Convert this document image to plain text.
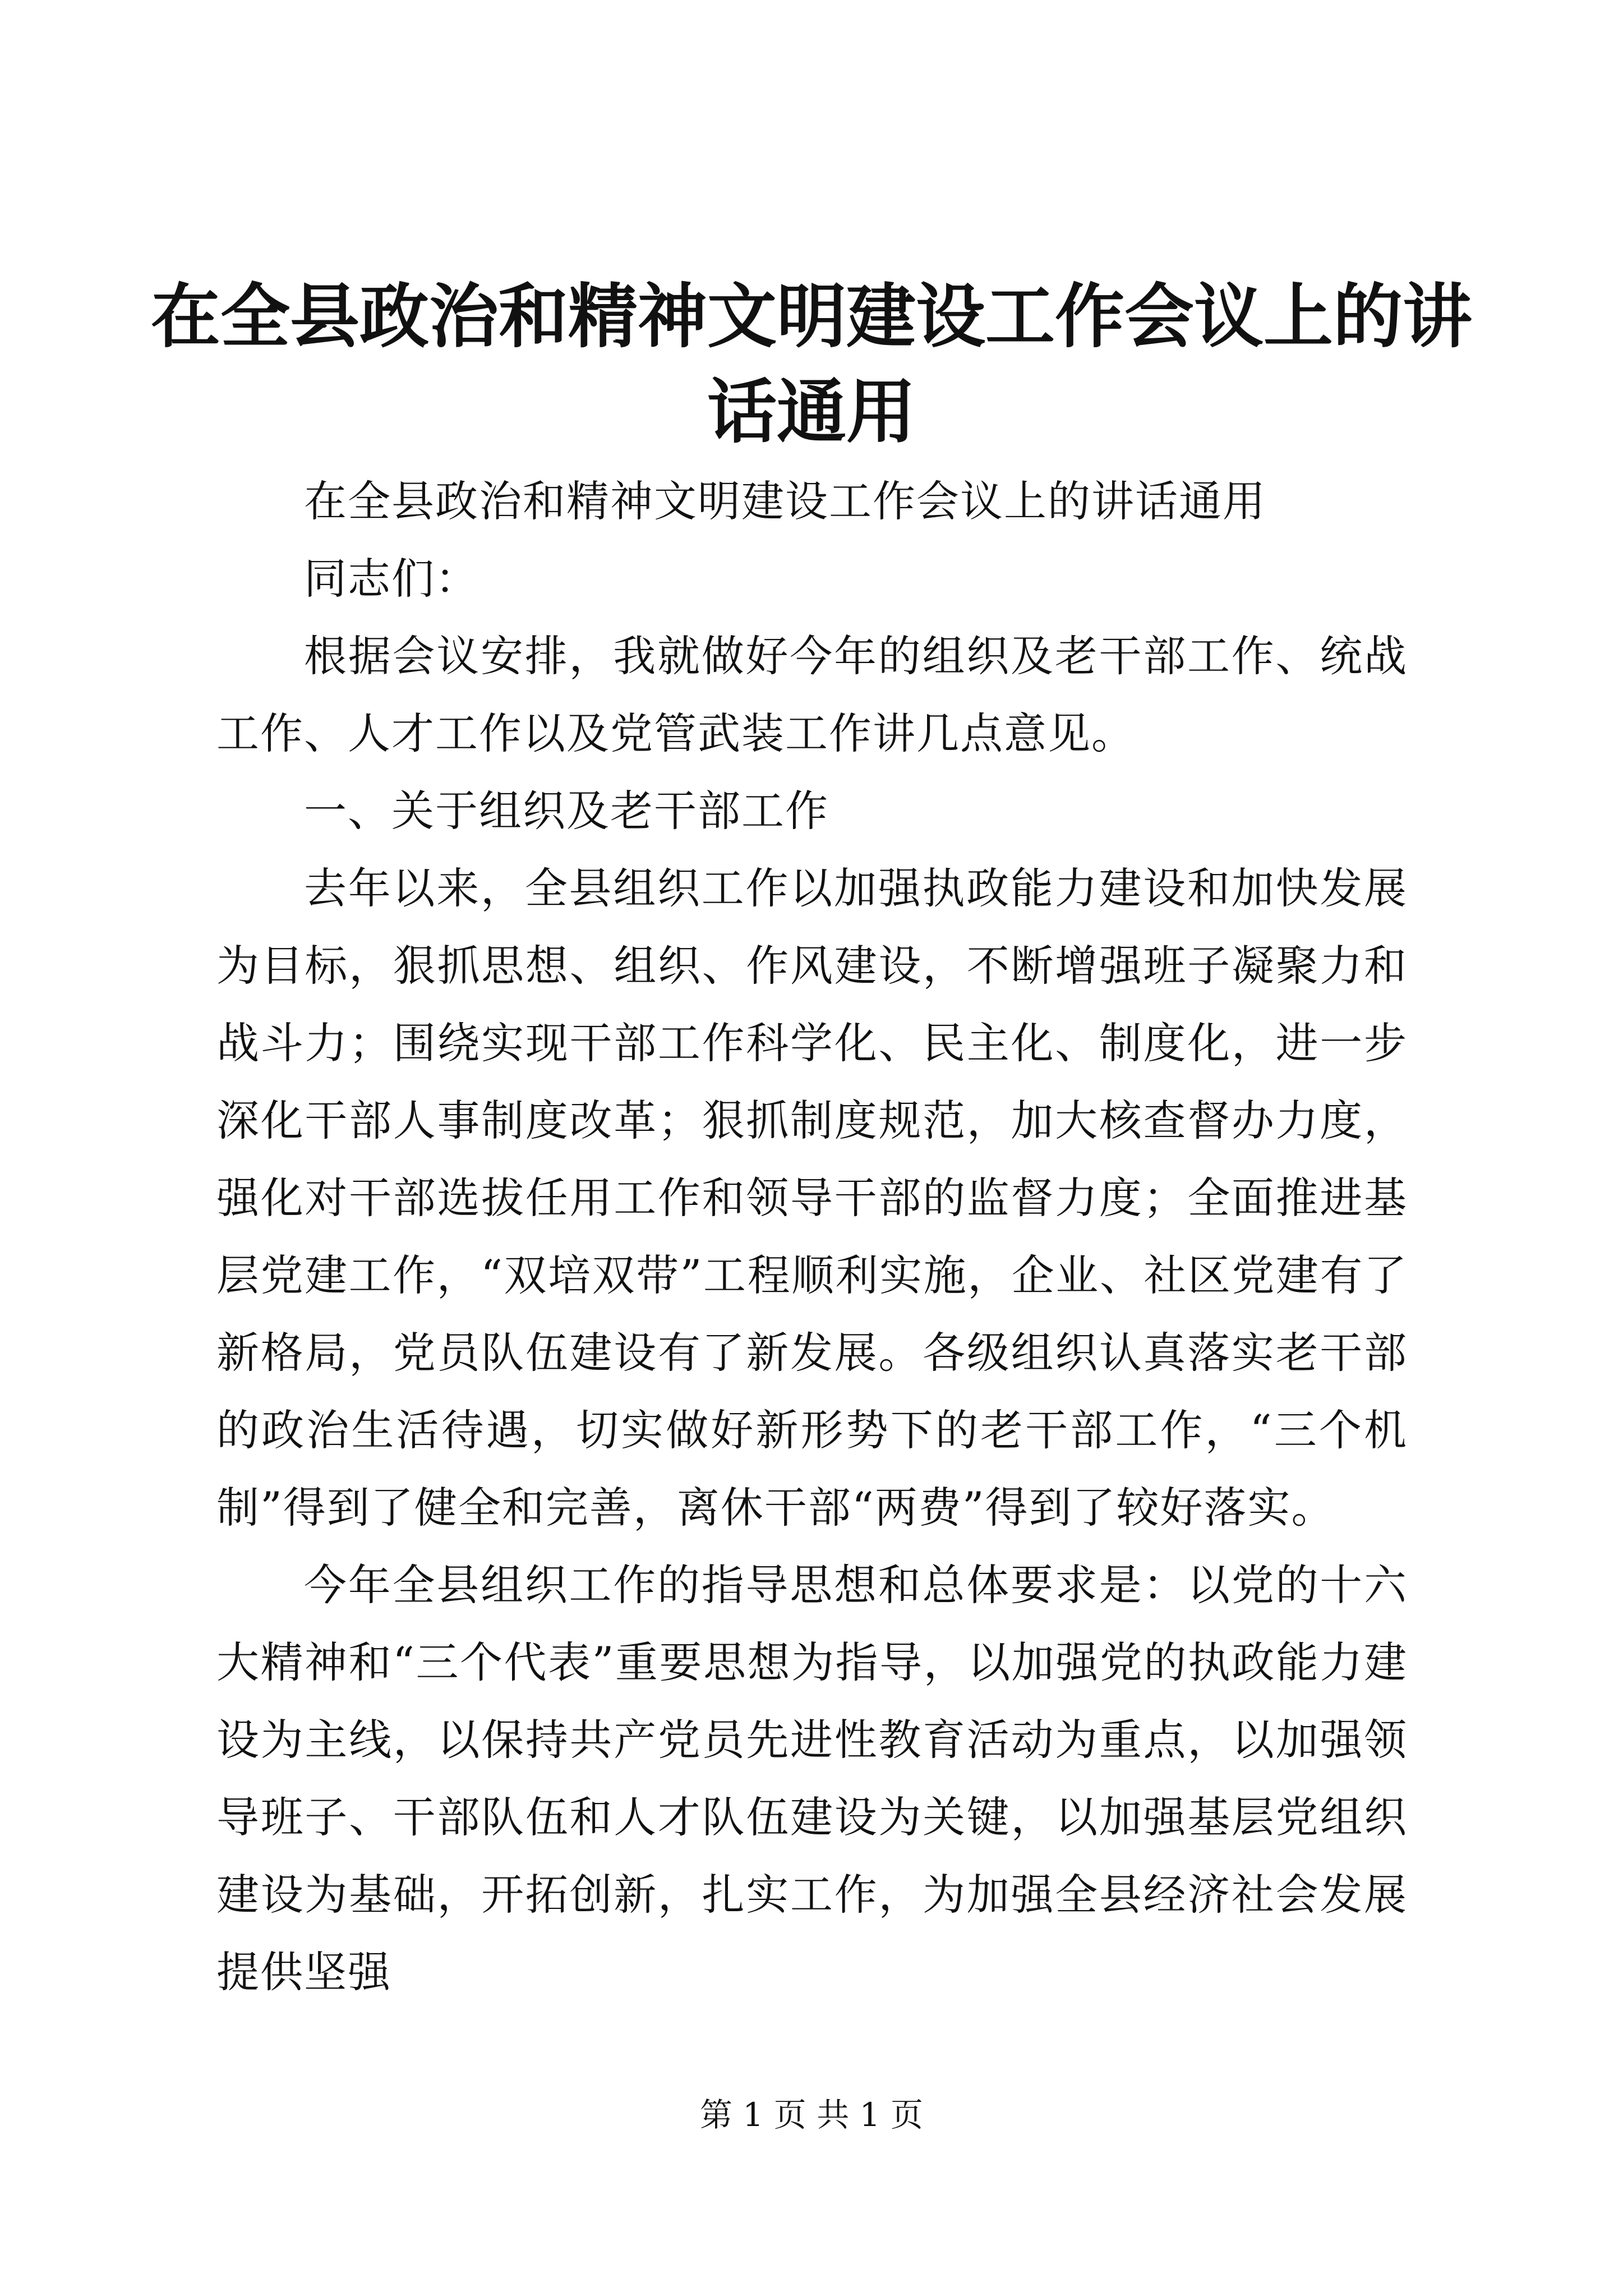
在全县政治和精神文明建设工作会议上的讲话通用

在全县政治和精神文明建设工作会议上的讲话通用

同志们：

根据会议安排，我就做好今年的组织及老干部工作、统战工作、人才工作以及党管武装工作讲几点意见。

一、关于组织及老干部工作

去年以来，全县组织工作以加强执政能力建设和加快发展为目标，狠抓思想、组织、作风建设，不断增强班子凝聚力和战斗力；围绕实现干部工作科学化、民主化、制度化，进一步深化干部人事制度改革；狠抓制度规范，加大核查督办力度，强化对干部选拔任用工作和领导干部的监督力度；全面推进基层党建工作，“双培双带”工程顺利实施，企业、社区党建有了新格局，党员队伍建设有了新发展。各级组织认真落实老干部的政治生活待遇，切实做好新形势下的老干部工作，“三个机制”得到了健全和完善，离休干部“两费”得到了较好落实。

今年全县组织工作的指导思想和总体要求是：以党的十六大精神和“三个代表”重要思想为指导，以加强党的执政能力建设为主线，以保持共产党员先进性教育活动为重点，以加强领导班子、干部队伍和人才队伍建设为关键，以加强基层党组织建设为基础，开拓创新，扎实工作，为加强全县经济社会发展提供坚强

第 1 页 共 1 页
